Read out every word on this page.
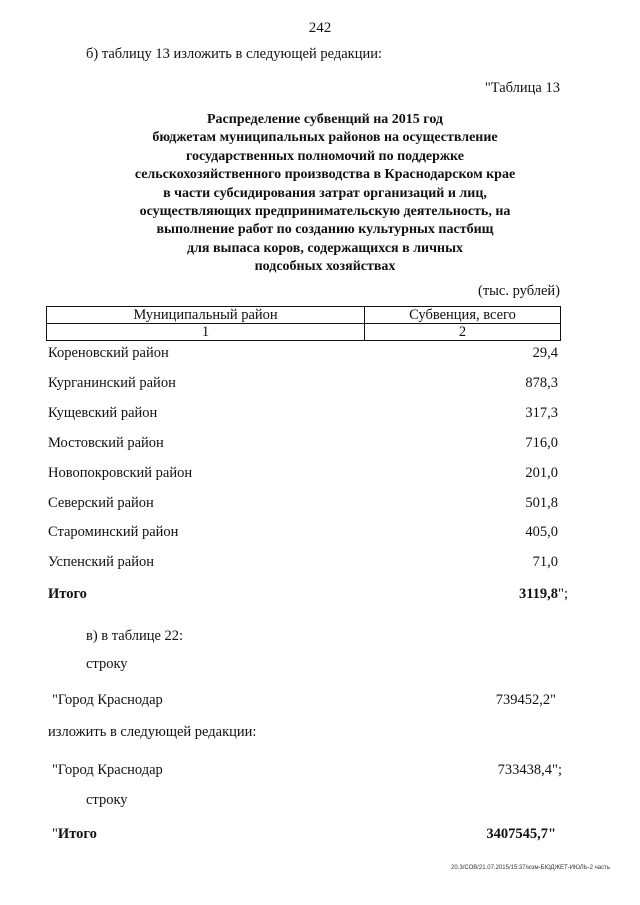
242
б) таблицу 13 изложить в следующей редакции:
"Таблица 13
Распределение субвенций на 2015 год
бюджетам муниципальных районов на осуществление
государственных полномочий по поддержке
сельскохозяйственного производства в Краснодарском крае
в части субсидирования затрат организаций и лиц,
осуществляющих предпринимательскую деятельность, на
выполнение работ по созданию культурных пастбищ
для выпаса коров, содержащихся в личных
подсобных хозяйствах
(тыс. рублей)
Муниципальный район	Субвенция, всего
1	2
Кореновский район	29,4
Курганинский район	878,3
Кущевский район	317,3
Мостовский район	716,0
Новопокровский район	201,0
Северский район	501,8
Староминский район	405,0
Успенский район	71,0
Итого	3119,8";
в) в таблице 22:
строку
"Город Краснодар	739452,2"
изложить в следующей редакции:
"Город Краснодар	733438,4";
строку
"Итого	3407545,7"
20.3/СОВ/21.07.2015/15:37/юзм-БЮДЖЕТ-ИЮЛЬ-2 часть
